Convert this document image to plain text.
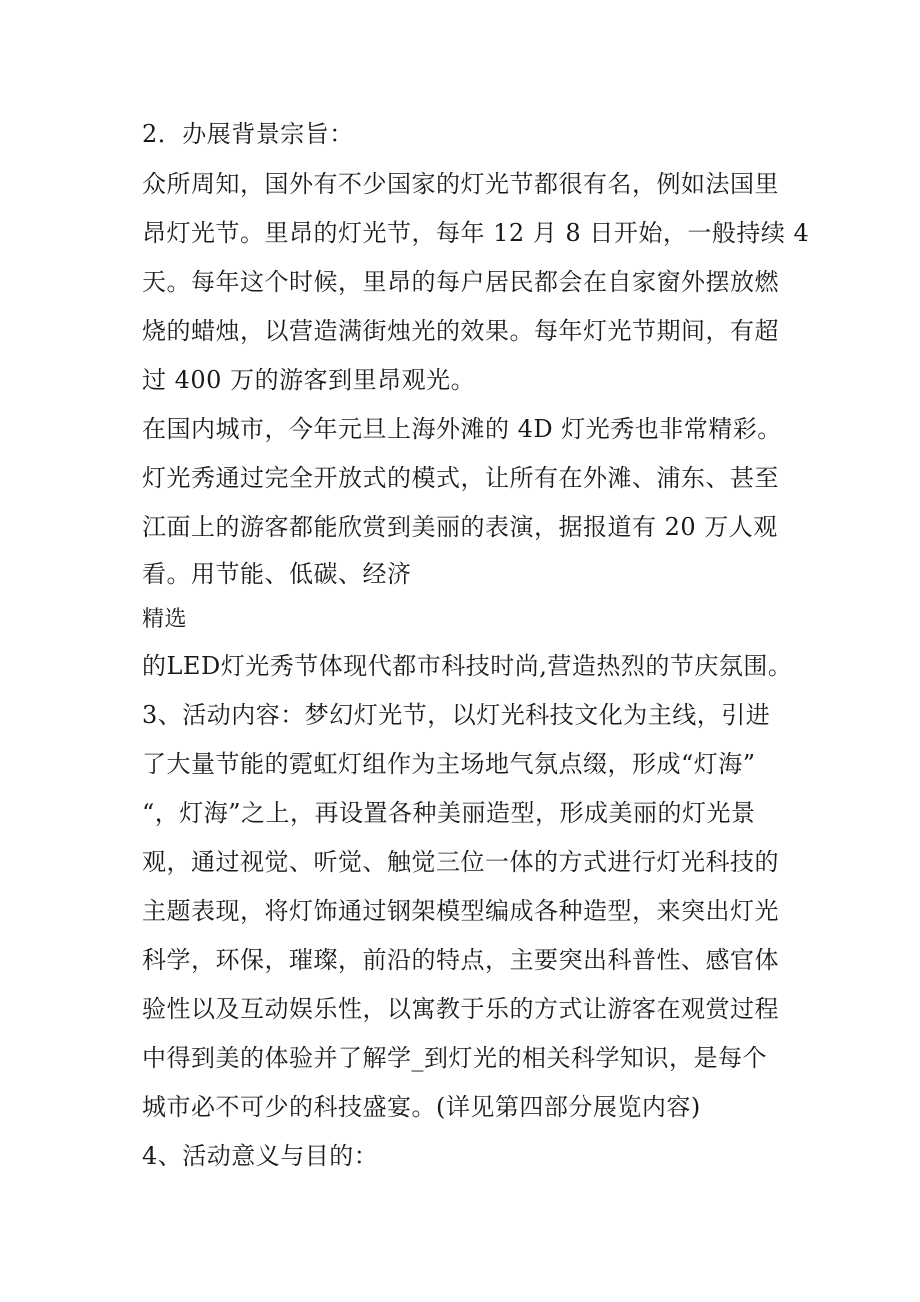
2．办展背景宗旨：
众所周知，国外有不少国家的灯光节都很有名，例如法国里
昂灯光节。里昂的灯光节，每年 12 月 8 日开始，一般持续 4
天。每年这个时候，里昂的每户居民都会在自家窗外摆放燃
烧的蜡烛，以营造满街烛光的效果。每年灯光节期间，有超
过 400 万的游客到里昂观光。
在国内城市，今年元旦上海外滩的 4D 灯光秀也非常精彩。
灯光秀通过完全开放式的模式，让所有在外滩、浦东、甚至
江面上的游客都能欣赏到美丽的表演，据报道有 20 万人观
看。用节能、低碳、经济
精选
的LED灯光秀节体现代都市科技时尚,营造热烈的节庆氛围。
3、活动内容：梦幻灯光节，以灯光科技文化为主线，引进
了大量节能的霓虹灯组作为主场地气氛点缀，形成“灯海”
“，灯海”之上，再设置各种美丽造型，形成美丽的灯光景
观，通过视觉、听觉、触觉三位一体的方式进行灯光科技的
主题表现，将灯饰通过钢架模型编成各种造型，来突出灯光
科学，环保，璀璨，前沿的特点，主要突出科普性、感官体
验性以及互动娱乐性，以寓教于乐的方式让游客在观赏过程
中得到美的体验并了解学_到灯光的相关科学知识，是每个
城市必不可少的科技盛宴。(详见第四部分展览内容)
4、活动意义与目的：
